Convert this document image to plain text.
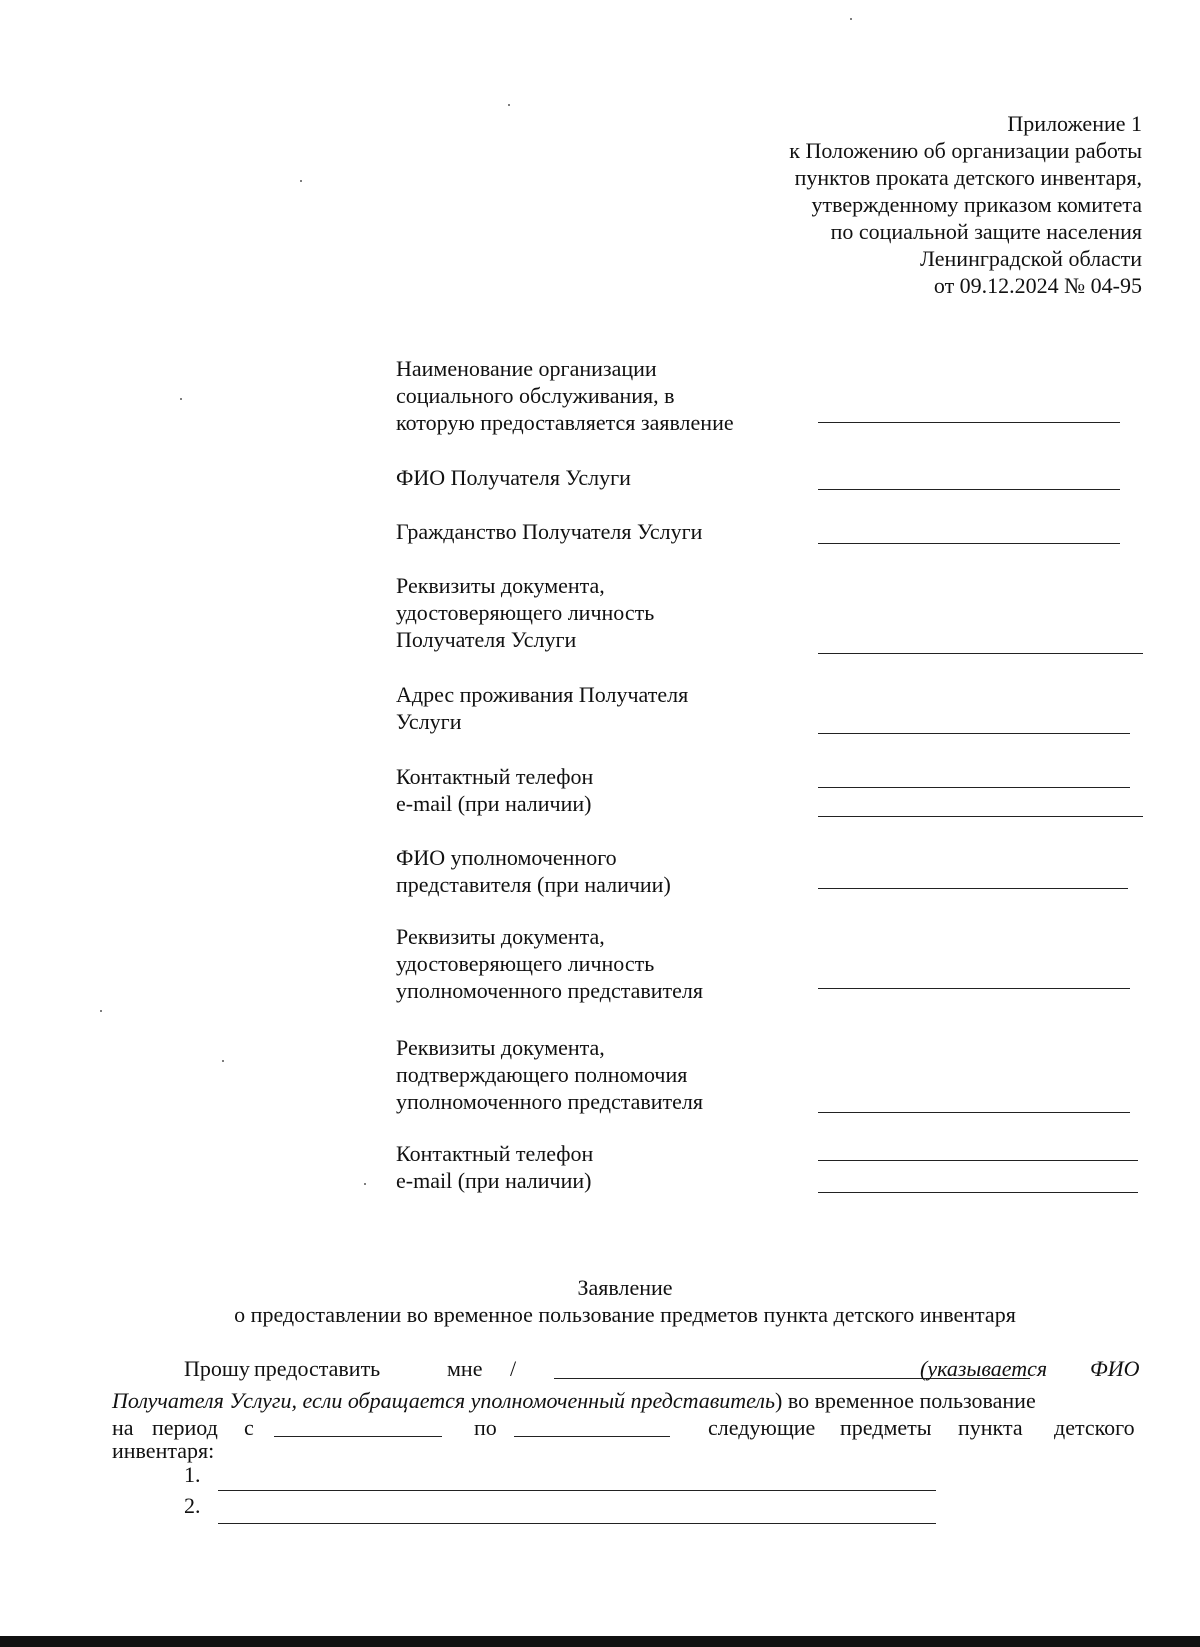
Приложение 1
к Положению об организации работы
пунктов проката детского инвентаря,
утвержденному приказом комитета
по социальной защите населения
Ленинградской области
от 09.12.2024 № 04-95
Наименование организации
социального обслуживания, в
которую предоставляется заявление
ФИО Получателя Услуги
Гражданство Получателя Услуги
Реквизиты документа,
удостоверяющего личность
Получателя Услуги
Адрес проживания Получателя
Услуги
Контактный телефон
e-mail (при наличии)
ФИО уполномоченного
представителя (при наличии)
Реквизиты документа,
удостоверяющего личность
уполномоченного представителя
Реквизиты документа,
подтверждающего полномочия
уполномоченного представителя
Контактный телефон
e-mail (при наличии)
Заявление
о предоставлении во временное пользование предметов пункта детского инвентаря
Прошу предоставить	мне /	(указывается ФИО
Получателя Услуги, если обращается уполномоченный представитель) во временное пользование
на период с	по	следующие предметы пункта детского
инвентаря:
1.
2.
